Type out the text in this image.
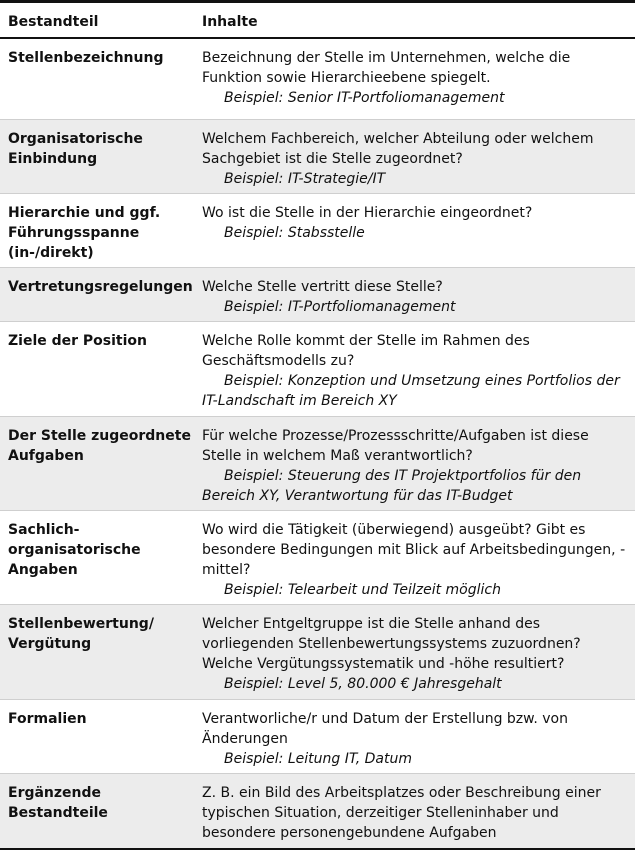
Bestandteil	Inhalte
Stellenbezeichnung	Bezeichnung der Stelle im Unternehmen, welche die Funktion sowie Hierarchieebene spiegelt.
Beispiel: Senior IT-Portfoliomanagement

Organisatorische Einbindung	Welchem Fachbereich, welcher Abteilung oder welchem Sachgebiet ist die Stelle zugeordnet?
Beispiel: IT-Strategie/IT

Hierarchie und ggf. Führungsspanne (in-/direkt)	Wo ist die Stelle in der Hierarchie eingeordnet?
Beispiel: Stabsstelle

Vertretungsregelungen	Welche Stelle vertritt diese Stelle?
Beispiel: IT-Portfoliomanagement

Ziele der Position	Welche Rolle kommt der Stelle im Rahmen des Geschäftsmodells zu?
Beispiel: Konzeption und Umsetzung eines Portfolios der IT-Landschaft im Bereich XY

Der Stelle zugeordnete Aufgaben	Für welche Prozesse/Prozessschritte/Aufgaben ist diese Stelle in welchem Maß verantwortlich?
Beispiel: Steuerung des IT Projektportfolios für den Bereich XY, Verantwortung für das IT-Budget

Sachlich-organisatorische Angaben	Wo wird die Tätigkeit (überwiegend) ausgeübt? Gibt es besondere Bedingungen mit Blick auf Arbeitsbedingungen, -mittel?
Beispiel: Telearbeit und Teilzeit möglich

Stellenbewertung/ Vergütung	Welcher Entgeltgruppe ist die Stelle anhand des vorliegenden Stellenbewertungssystems zuzuordnen? Welche Vergütungssystematik und -höhe resultiert?
Beispiel: Level 5, 80.000 € Jahresgehalt

Formalien	Verantworliche/r und Datum der Erstellung bzw. von Änderungen
Beispiel: Leitung IT, Datum

Ergänzende Bestandteile	Z. B. ein Bild des Arbeitsplatzes oder Beschreibung einer typischen Situation, derzeitiger Stelleninhaber und besondere personengebundene Aufgaben
